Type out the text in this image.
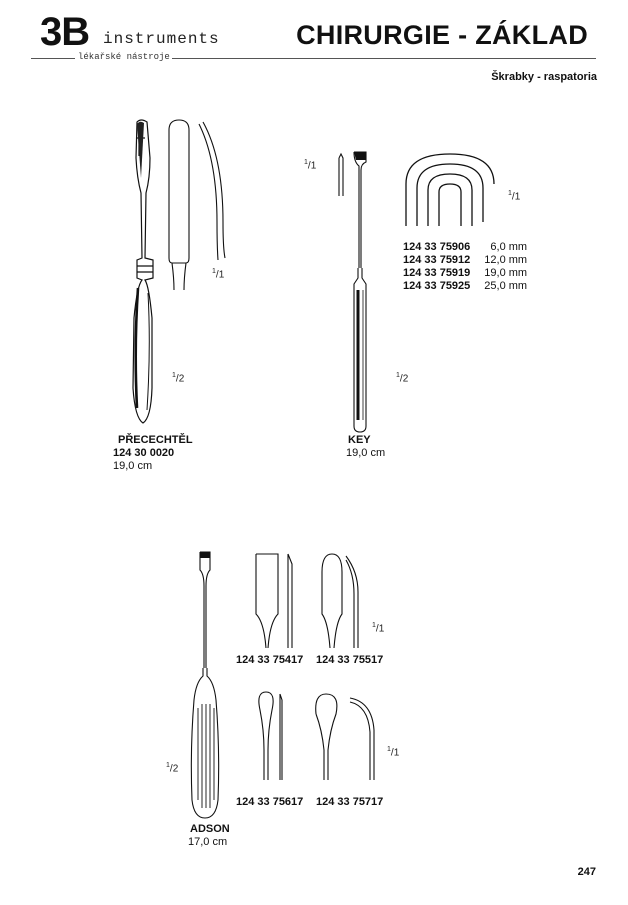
3B instruments
lékařské nástroje
CHIRURGIE - ZÁKLAD
Škrabky - raspatoria
$^1$/1
$^1$/2
PŘECECHTĚL
124 30 0020
19,0 cm
$^1$/1
$^1$/1
$^1$/2
124 33 75906	6,0 mm
124 33 75912	12,0 mm
124 33 75919	19,0 mm
124 33 75925	25,0 mm
KEY
19,0 cm
$^1$/2
$^1$/1
124 33 75417 124 33 75517
$^1$/1
124 33 75617 124 33 75717
ADSON
17,0 cm
247
